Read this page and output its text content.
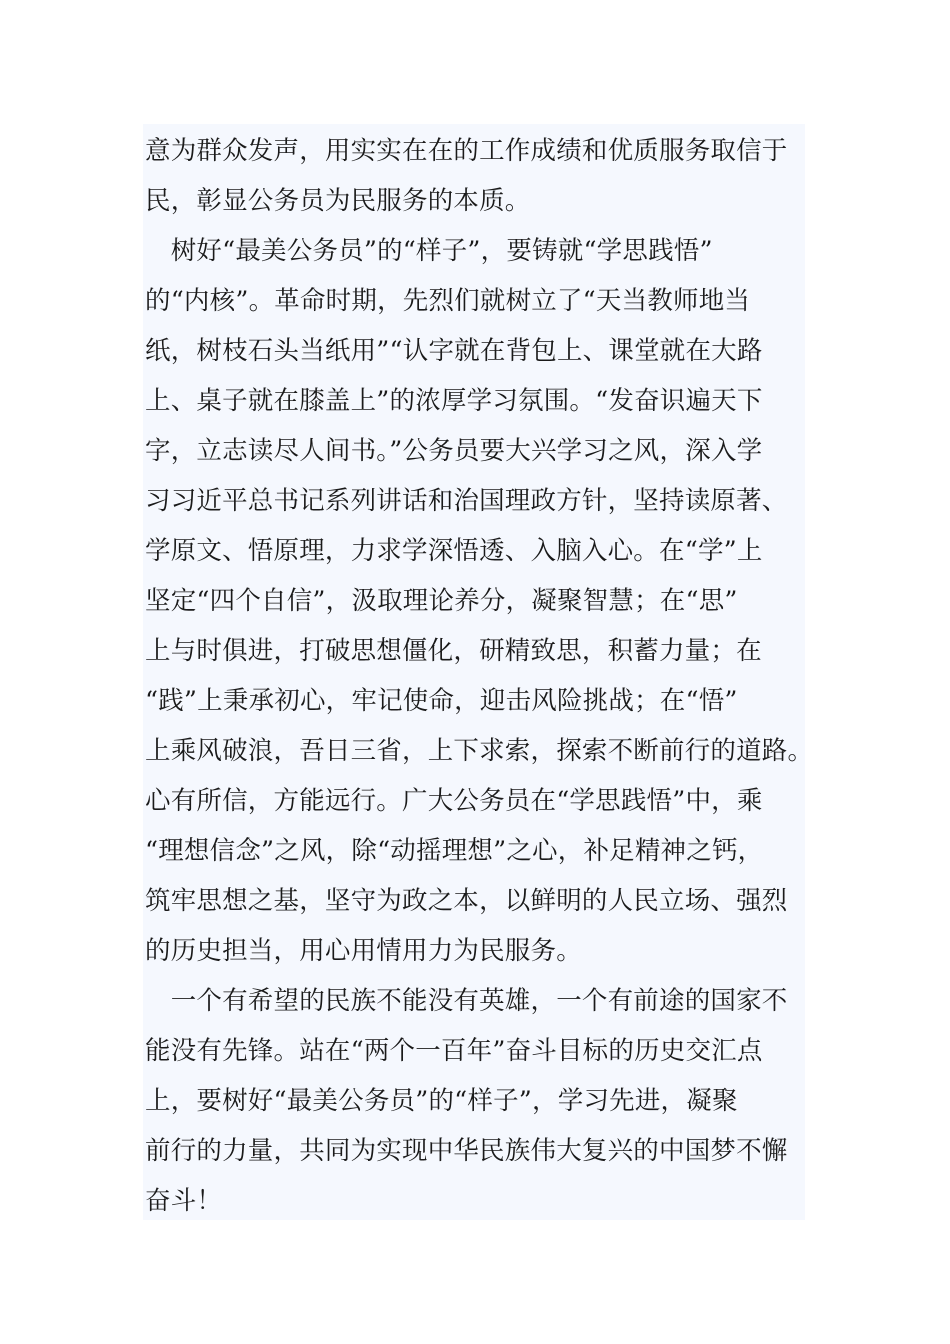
意为群众发声，用实实在在的工作成绩和优质服务取信于
民，彰显公务员为民服务的本质。
　树好“最美公务员”的“样子”，要铸就“学思践悟”
的“内核”。革命时期，先烈们就树立了“天当教师地当
纸，树枝石头当纸用”“认字就在背包上、课堂就在大路
上、桌子就在膝盖上”的浓厚学习氛围。“发奋识遍天下
字，立志读尽人间书。”公务员要大兴学习之风，深入学
习习近平总书记系列讲话和治国理政方针，坚持读原著、
学原文、悟原理，力求学深悟透、入脑入心。在“学”上
坚定“四个自信”，汲取理论养分，凝聚智慧；在“思”
上与时俱进，打破思想僵化，研精致思，积蓄力量；在
“践”上秉承初心，牢记使命，迎击风险挑战；在“悟”
上乘风破浪，吾日三省，上下求索，探索不断前行的道路。
心有所信，方能远行。广大公务员在“学思践悟”中，乘
“理想信念”之风，除“动摇理想”之心，补足精神之钙，
筑牢思想之基，坚守为政之本，以鲜明的人民立场、强烈
的历史担当，用心用情用力为民服务。
　一个有希望的民族不能没有英雄，一个有前途的国家不
能没有先锋。站在“两个一百年”奋斗目标的历史交汇点
上，要树好“最美公务员”的“样子”，学习先进，凝聚
前行的力量，共同为实现中华民族伟大复兴的中国梦不懈
奋斗！
